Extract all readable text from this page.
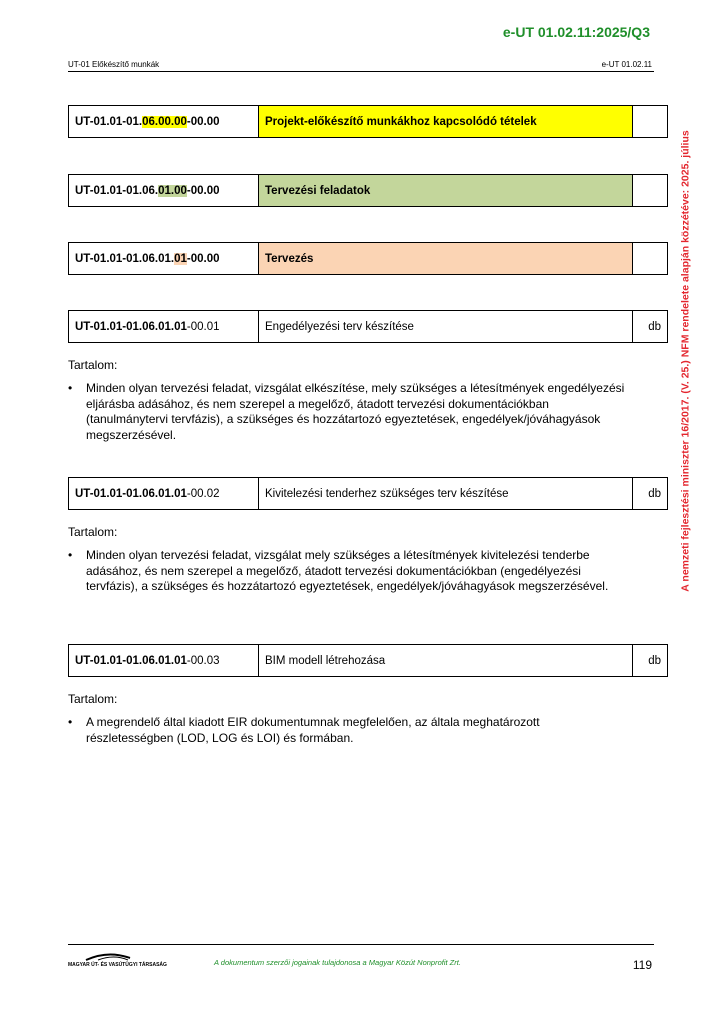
e-UT 01.02.11:2025/Q3
UT-01 Előkészítő munkák	e-UT 01.02.11
A nemzeti fejlesztési miniszter 16/2017. (V. 25.) NFM rendelete alapján közzétéve: 2025. július
UT-01.01-01. 06.00.00 -00.00	Projekt-előkészítő munkákhoz kapcsolódó tételek
UT-01.01-01.06. 01.00 -00.00	Tervezési feladatok
UT-01.01-01.06.01. 01 -00.00	Tervezés
UT-01.01-01.06.01.01 -00.01	Engedélyezési terv készítése	db
Tartalom:
•	Minden olyan tervezési feladat, vizsgálat elkészítése, mely szükséges a létesítmények engedélyezési eljárásba adásához, és nem szerepel a megelőző, átadott tervezési dokumentációkban (tanulmánytervi tervfázis), a szükséges és hozzátartozó egyeztetések, engedélyek/jóváhagyások megszerzésével.
UT-01.01-01.06.01.01 -00.02	Kivitelezési tenderhez szükséges terv készítése	db
Tartalom:
•	Minden olyan tervezési feladat, vizsgálat mely szükséges a létesítmények kivitelezési tenderbe adásához, és nem szerepel a megelőző, átadott tervezési dokumentációkban (engedélyezési tervfázis), a szükséges és hozzátartozó egyeztetések, engedélyek/jóváhagyások megszerzésével.
UT-01.01-01.06.01.01 -00.03	BIM modell létrehozása	db
Tartalom:
•	A megrendelő által kiadott EIR dokumentumnak megfelelően, az általa meghatározott részletességben (LOD, LOG és LOI) és formában.
MAGYAR ÚT- ÉS VASÚTÜGYI TÁRSASÁG	A dokumentum szerzői jogainak tulajdonosa a Magyar Közút Nonprofit Zrt.	119
